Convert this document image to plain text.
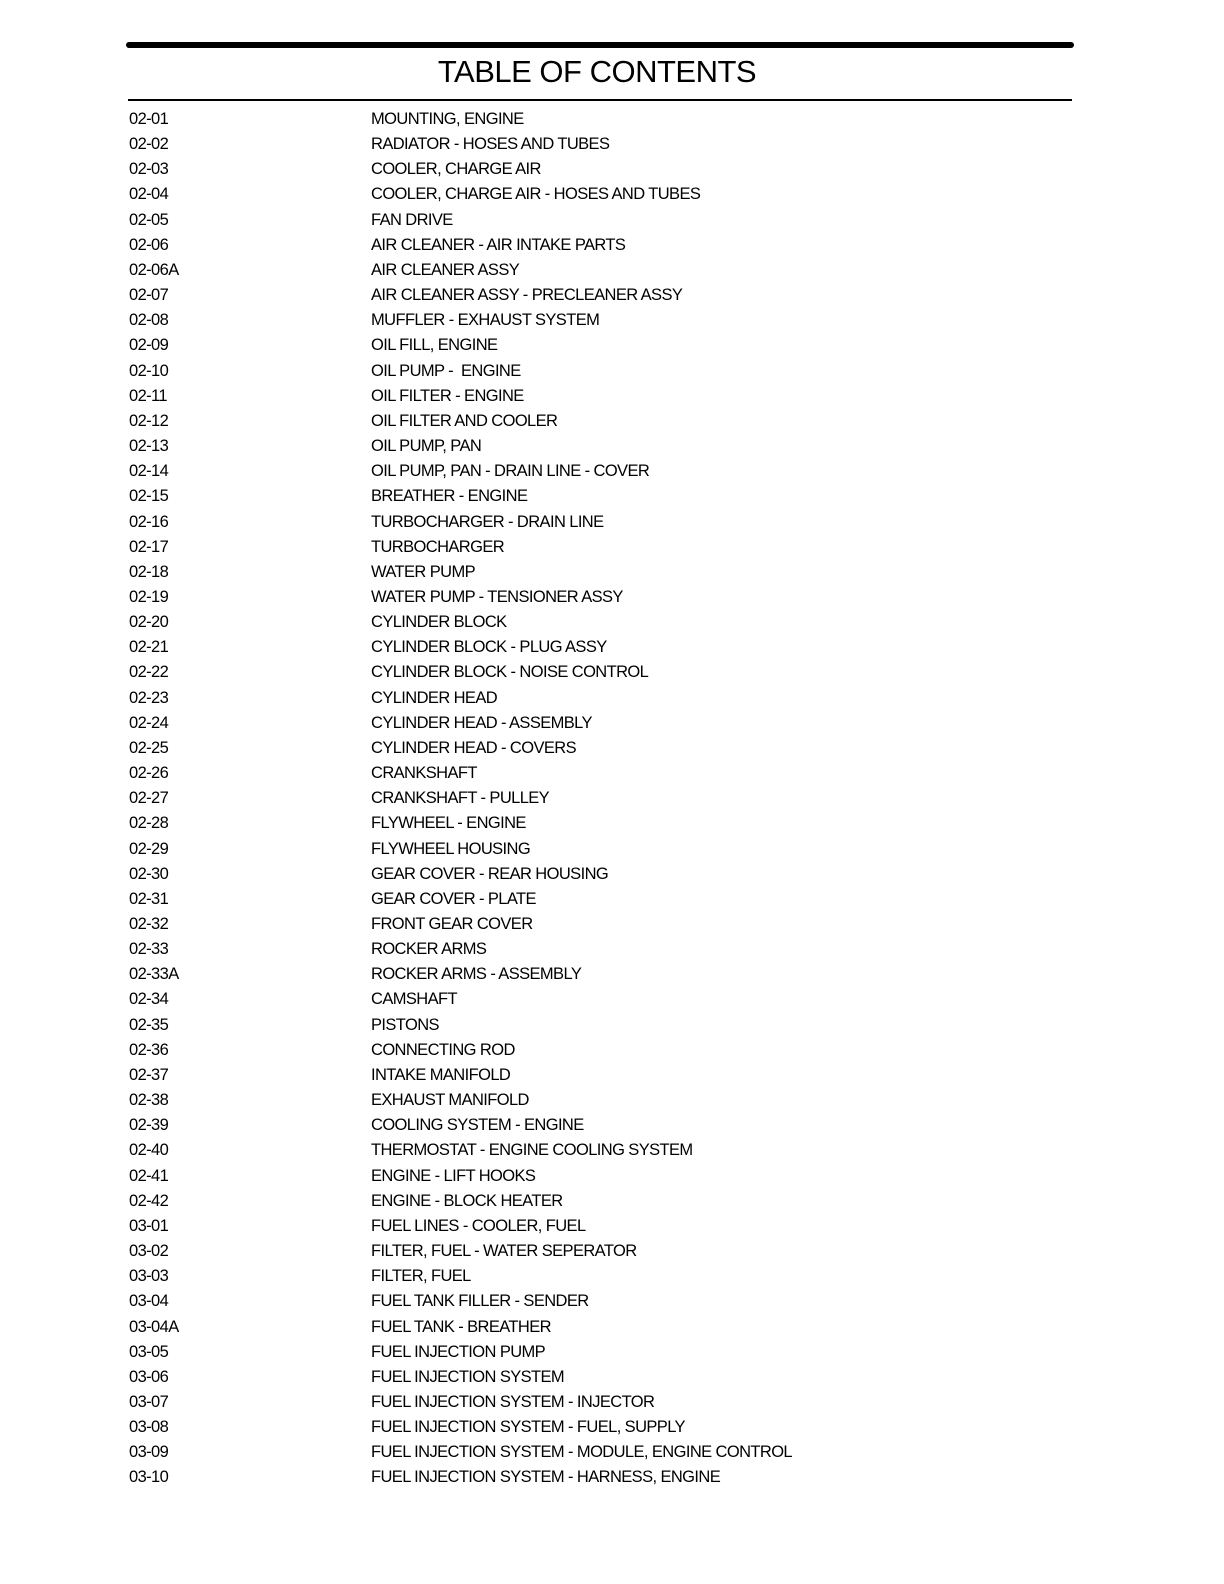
TABLE OF CONTENTS
02-01	MOUNTING, ENGINE
02-02	RADIATOR - HOSES AND TUBES
02-03	COOLER, CHARGE AIR
02-04	COOLER, CHARGE AIR - HOSES AND TUBES
02-05	FAN DRIVE
02-06	AIR CLEANER - AIR INTAKE PARTS
02-06A	AIR CLEANER ASSY
02-07	AIR CLEANER ASSY - PRECLEANER ASSY
02-08	MUFFLER - EXHAUST SYSTEM
02-09	OIL FILL, ENGINE
02-10	OIL PUMP -  ENGINE
02-11	OIL FILTER - ENGINE
02-12	OIL FILTER AND COOLER
02-13	OIL PUMP, PAN
02-14	OIL PUMP, PAN - DRAIN LINE - COVER
02-15	BREATHER - ENGINE
02-16	TURBOCHARGER - DRAIN LINE
02-17	TURBOCHARGER
02-18	WATER PUMP
02-19	WATER PUMP - TENSIONER ASSY
02-20	CYLINDER BLOCK
02-21	CYLINDER BLOCK - PLUG ASSY
02-22	CYLINDER BLOCK - NOISE CONTROL
02-23	CYLINDER HEAD
02-24	CYLINDER HEAD - ASSEMBLY
02-25	CYLINDER HEAD - COVERS
02-26	CRANKSHAFT
02-27	CRANKSHAFT - PULLEY
02-28	FLYWHEEL - ENGINE
02-29	FLYWHEEL HOUSING
02-30	GEAR COVER - REAR HOUSING
02-31	GEAR COVER - PLATE
02-32	FRONT GEAR COVER
02-33	ROCKER ARMS
02-33A	ROCKER ARMS - ASSEMBLY
02-34	CAMSHAFT
02-35	PISTONS
02-36	CONNECTING ROD
02-37	INTAKE MANIFOLD
02-38	EXHAUST MANIFOLD
02-39	COOLING SYSTEM - ENGINE
02-40	THERMOSTAT - ENGINE COOLING SYSTEM
02-41	ENGINE - LIFT HOOKS
02-42	ENGINE - BLOCK HEATER
03-01	FUEL LINES - COOLER, FUEL
03-02	FILTER, FUEL - WATER SEPERATOR
03-03	FILTER, FUEL
03-04	FUEL TANK FILLER - SENDER
03-04A	FUEL TANK - BREATHER
03-05	FUEL INJECTION PUMP
03-06	FUEL INJECTION SYSTEM
03-07	FUEL INJECTION SYSTEM - INJECTOR
03-08	FUEL INJECTION SYSTEM - FUEL, SUPPLY
03-09	FUEL INJECTION SYSTEM - MODULE, ENGINE CONTROL
03-10	FUEL INJECTION SYSTEM - HARNESS, ENGINE
